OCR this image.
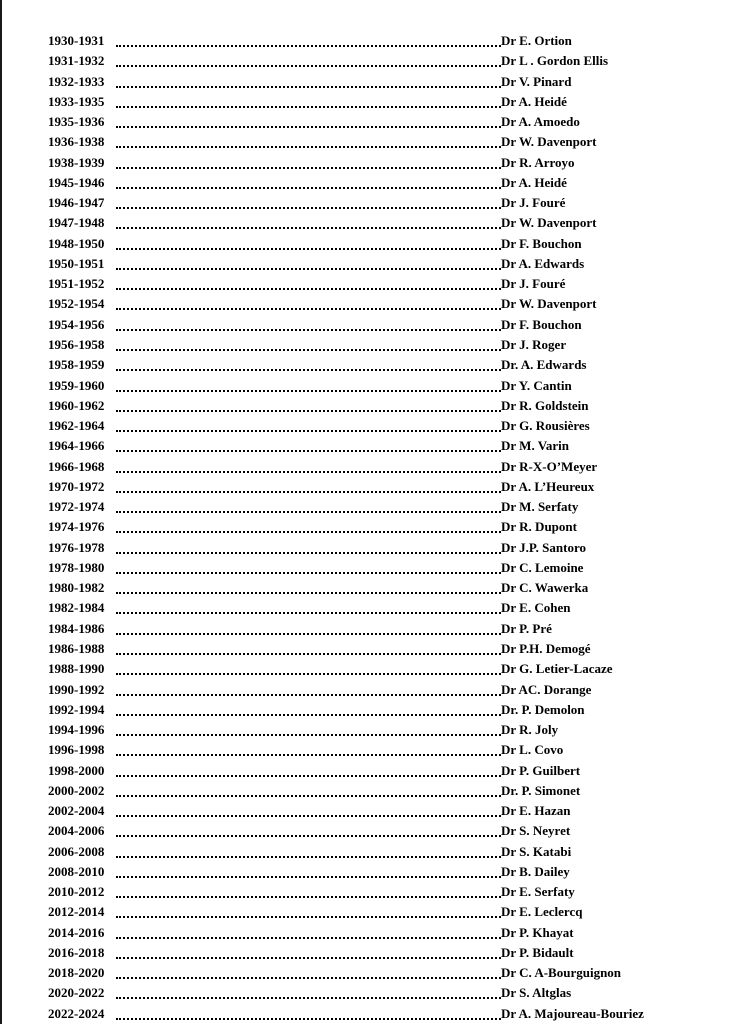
1930-1931	Dr E. Ortion
1931-1932	Dr L . Gordon Ellis
1932-1933	Dr V. Pinard
1933-1935	Dr A. Heidé
1935-1936	Dr A. Amoedo
1936-1938	Dr W. Davenport
1938-1939	Dr R. Arroyo
1945-1946	Dr A. Heidé
1946-1947	Dr J. Fouré
1947-1948	Dr W. Davenport
1948-1950	Dr F. Bouchon
1950-1951	Dr A. Edwards
1951-1952	Dr J. Fouré
1952-1954	Dr W. Davenport
1954-1956	Dr F. Bouchon
1956-1958	Dr J. Roger
1958-1959	Dr. A. Edwards
1959-1960	Dr Y. Cantin
1960-1962	Dr R. Goldstein
1962-1964	Dr G. Rousières
1964-1966	Dr M. Varin
1966-1968	Dr R-X-O’Meyer
1970-1972	Dr A. L’Heureux
1972-1974	Dr M. Serfaty
1974-1976	Dr R. Dupont
1976-1978	Dr J.P. Santoro
1978-1980	Dr C. Lemoine
1980-1982	Dr C. Wawerka
1982-1984	Dr E. Cohen
1984-1986	Dr P. Pré
1986-1988	Dr P.H. Demogé
1988-1990	Dr G. Letier-Lacaze
1990-1992	Dr AC. Dorange
1992-1994	Dr. P. Demolon
1994-1996	Dr R. Joly
1996-1998	Dr L. Covo
1998-2000	Dr P. Guilbert
2000-2002	Dr. P. Simonet
2002-2004	Dr E. Hazan
2004-2006	Dr S. Neyret
2006-2008	Dr S. Katabi
2008-2010	Dr B. Dailey
2010-2012	Dr E. Serfaty
2012-2014	Dr E. Leclercq
2014-2016	Dr P. Khayat
2016-2018	Dr P. Bidault
2018-2020	Dr C. A-Bourguignon
2020-2022	Dr S. Altglas
2022-2024	Dr A. Majoureau-Bouriez
